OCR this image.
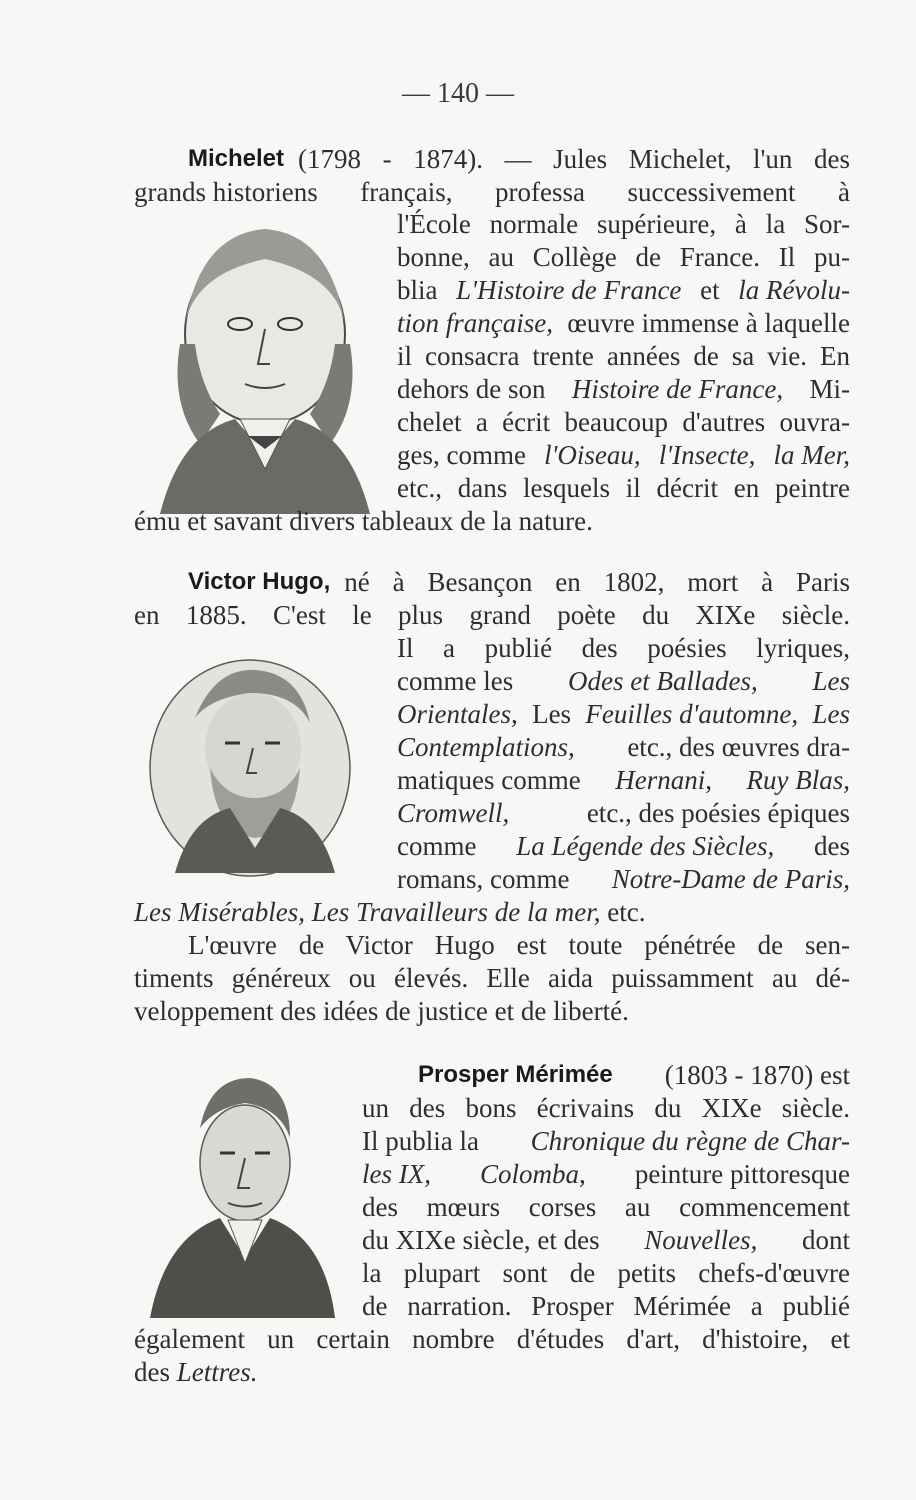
— 140 —
Michelet (1798 - 1874). — Jules Michelet, l'un des
grands historiens français, professa successivement à
l'École normale supérieure, à la Sor-
bonne, au Collège de France. Il pu-
blia L'Histoire de France et la Révolu-
tion française, œuvre immense à laquelle
il consacra trente années de sa vie. En
dehors de son Histoire de France, Mi-
chelet a écrit beaucoup d'autres ouvra-
ges, comme l'Oiseau, l'Insecte, la Mer,
etc., dans lesquels il décrit en peintre
ému et savant divers tableaux de la nature.
Victor Hugo, né à Besançon en 1802, mort à Paris
en 1885. C'est le plus grand poète du XIXe siècle.
Il a publié des poésies lyriques,
comme les Odes et Ballades, Les
Orientales, Les Feuilles d'automne, Les
Contemplations, etc., des œuvres dra-
matiques comme Hernani, Ruy Blas,
Cromwell,	etc., des poésies épiques
comme La Légende des Siècles, des
romans, comme Notre-Dame de Paris,
Les Misérables, Les Travailleurs de la mer, etc.
L'œuvre de Victor Hugo est toute pénétrée de sen-
timents généreux ou élevés. Elle aida puissamment au dé-
veloppement des idées de justice et de liberté.
Prosper Mérimée (1803 - 1870) est
un des bons écrivains du XIXe siècle.
Il publia la Chronique du règne de Char-
les IX, Colomba, peinture pittoresque
des mœurs corses au commencement
du XIXe siècle, et des Nouvelles, dont
la plupart sont de petits chefs-d'œuvre
de narration. Prosper Mérimée a publié
également un certain nombre d'études d'art, d'histoire, et
des Lettres.
